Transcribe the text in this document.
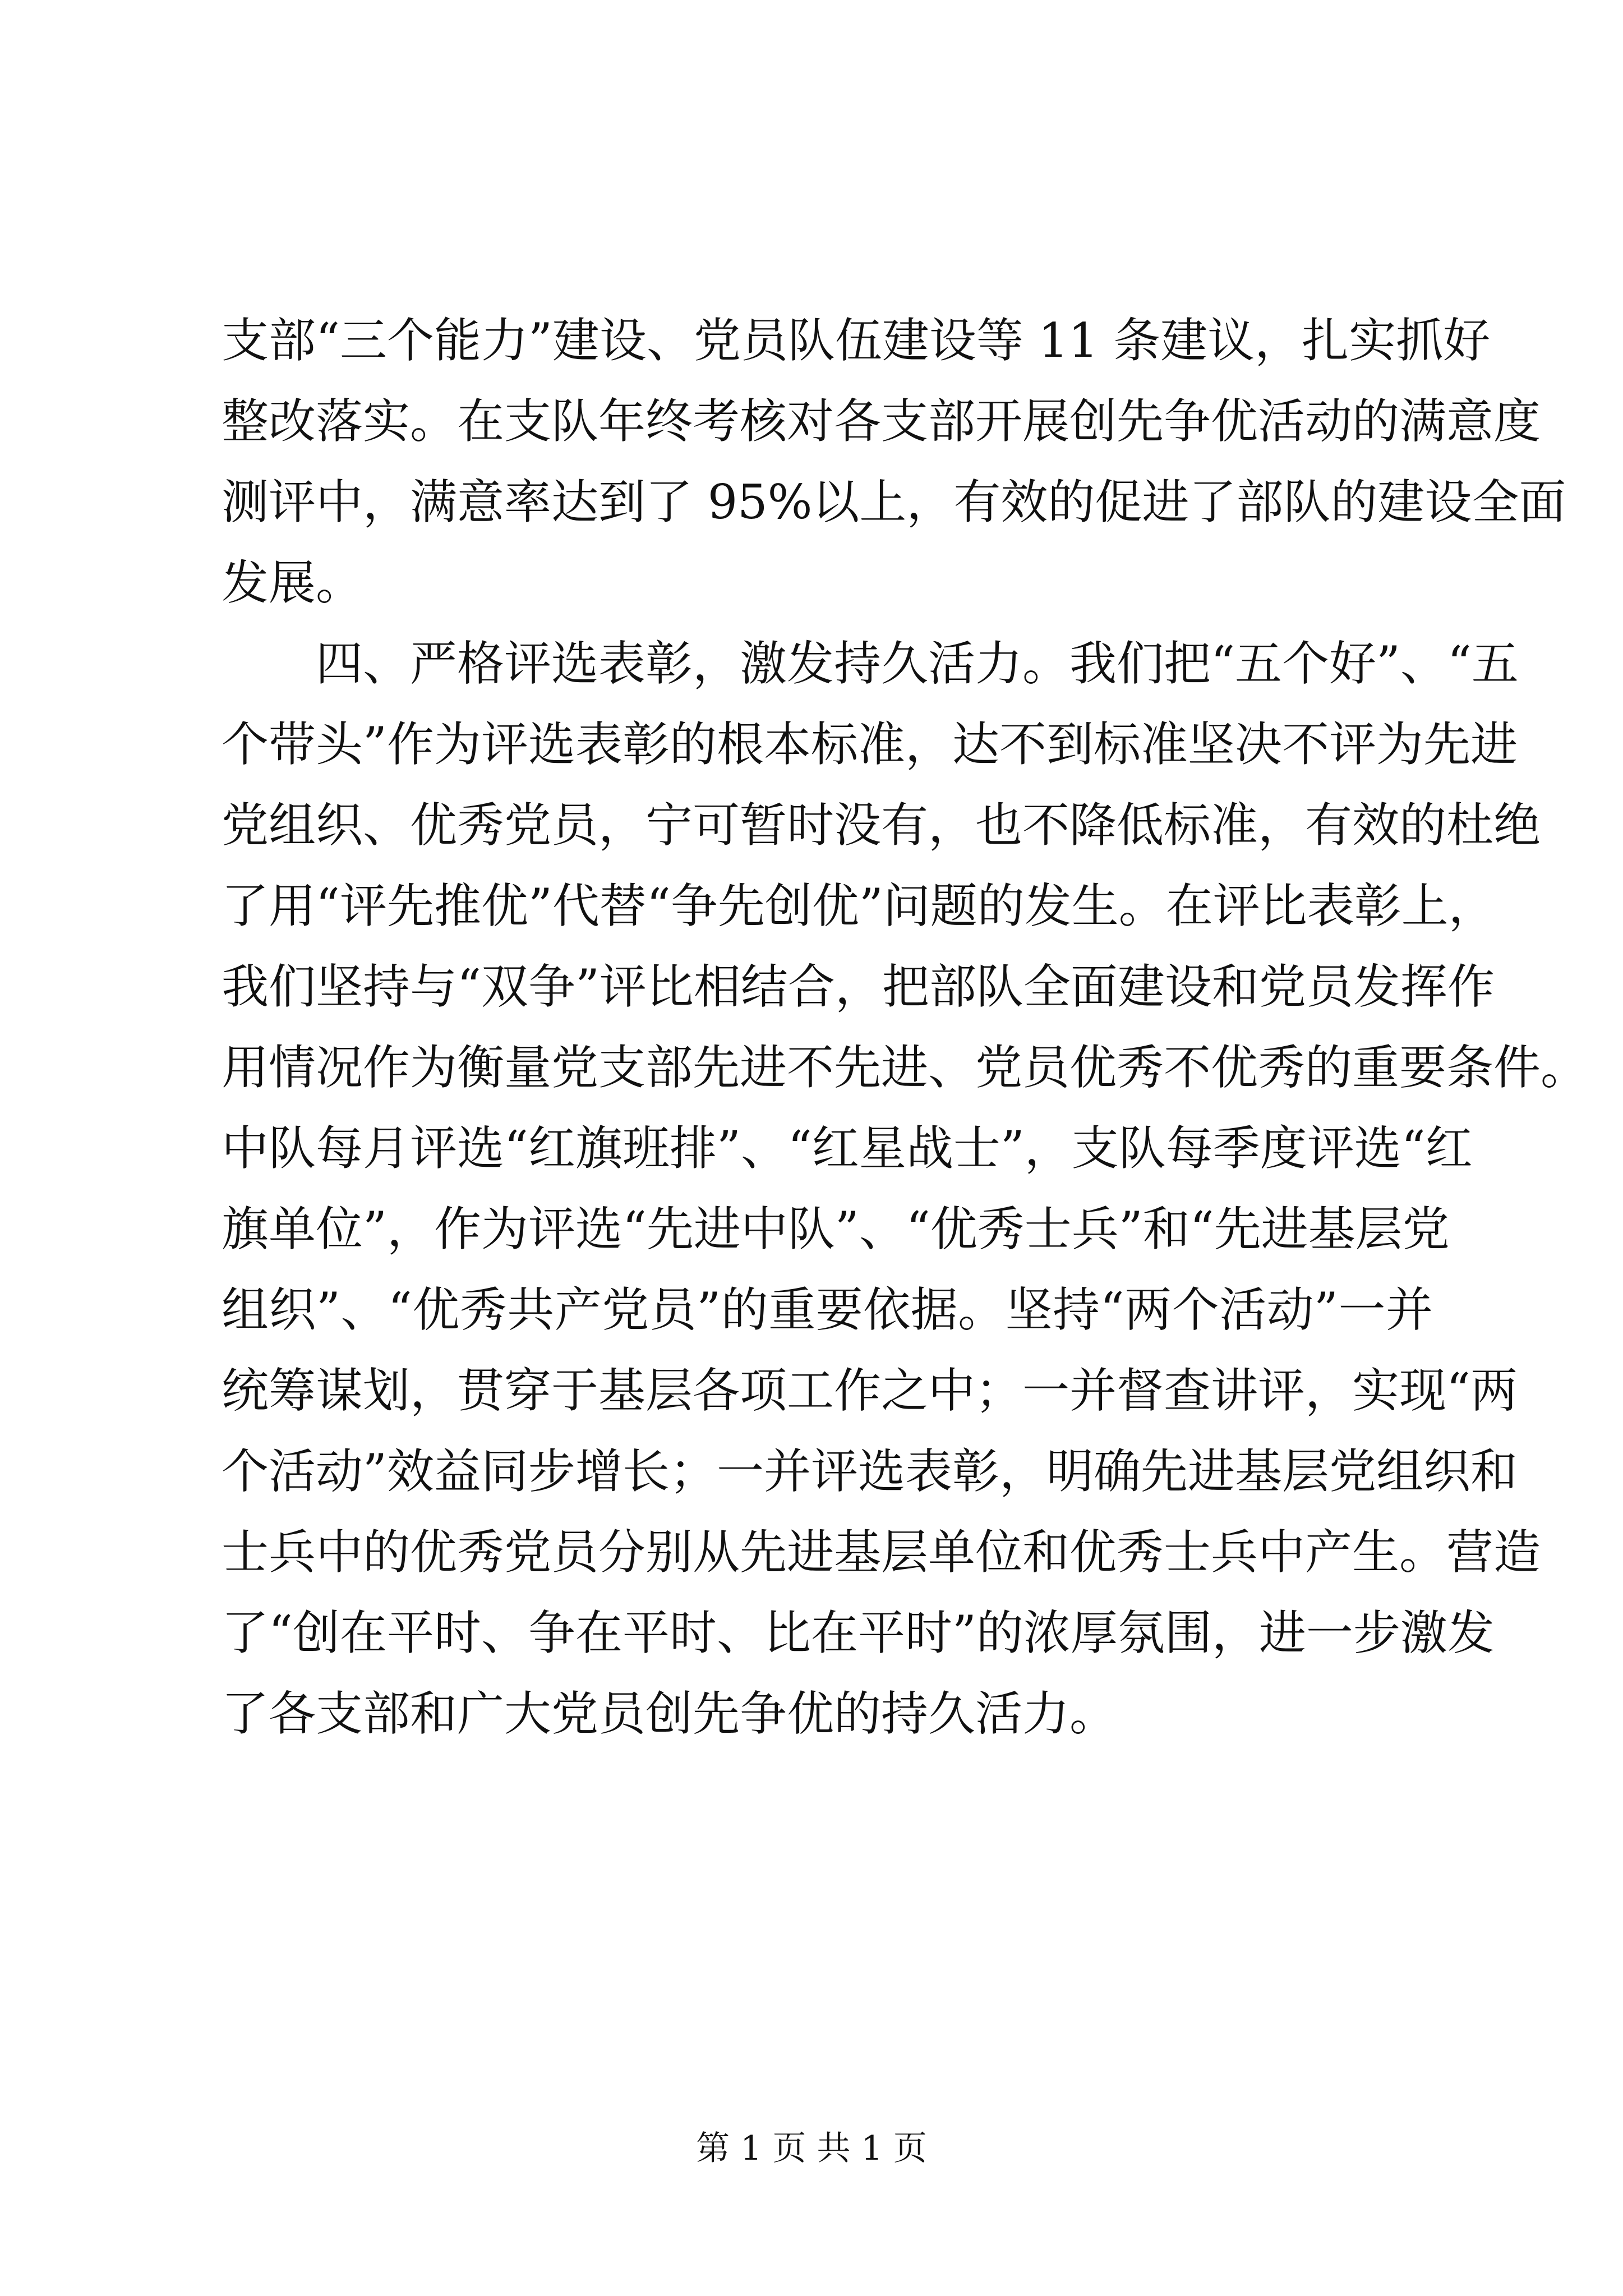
支部“三个能力”建设、党员队伍建设等 11 条建议，扎实抓好
整改落实。在支队年终考核对各支部开展创先争优活动的满意度
测评中，满意率达到了 95%以上，有效的促进了部队的建设全面
发展。
四、严格评选表彰，激发持久活力。我们把“五个好”、“五
个带头”作为评选表彰的根本标准，达不到标准坚决不评为先进
党组织、优秀党员，宁可暂时没有，也不降低标准，有效的杜绝
了用“评先推优”代替“争先创优”问题的发生。在评比表彰上，
我们坚持与“双争”评比相结合，把部队全面建设和党员发挥作
用情况作为衡量党支部先进不先进、党员优秀不优秀的重要条件。
中队每月评选“红旗班排”、“红星战士”，支队每季度评选“红
旗单位”，作为评选“先进中队”、“优秀士兵”和“先进基层党
组织”、“优秀共产党员”的重要依据。坚持“两个活动”一并
统筹谋划，贯穿于基层各项工作之中；一并督查讲评，实现“两
个活动”效益同步增长；一并评选表彰，明确先进基层党组织和
士兵中的优秀党员分别从先进基层单位和优秀士兵中产生。营造
了“创在平时、争在平时、比在平时”的浓厚氛围，进一步激发
了各支部和广大党员创先争优的持久活力。
第 1 页 共 1 页
